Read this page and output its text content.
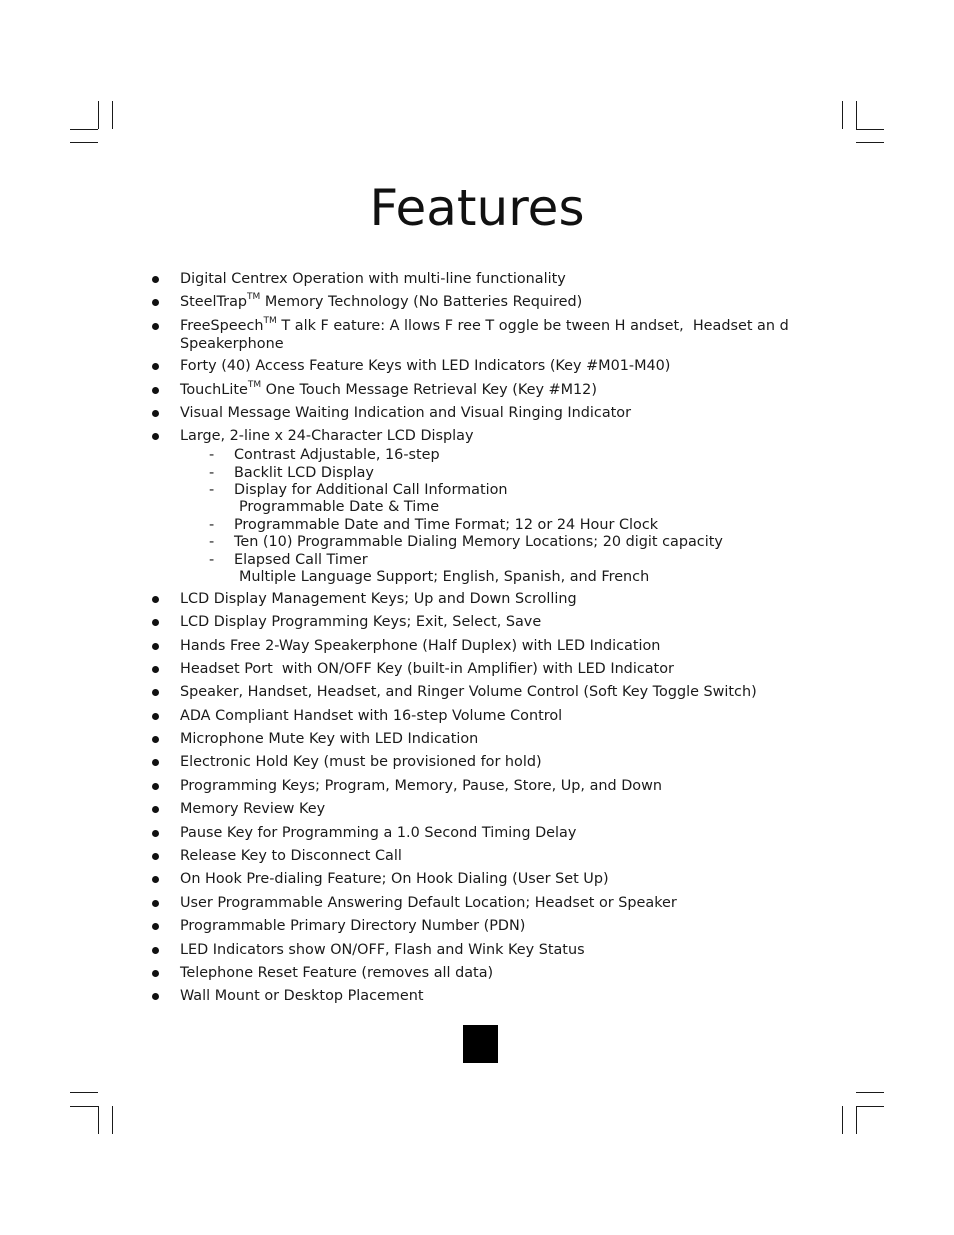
Features
Digital Centrex Operation with multi-line functionality
SteelTrap™ Memory Technology (No Batteries Required)
FreeSpeech™ T alk F eature: A llows F ree T oggle be tween H andset,  Headset an d
Speakerphone
Forty (40) Access Feature Keys with LED Indicators (Key #M01-M40)
TouchLite™ One Touch Message Retrieval Key (Key #M12)
Visual Message Waiting Indication and Visual Ringing Indicator
Large, 2-line x 24-Character LCD Display
- Contrast Adjustable, 16-step
- Backlit LCD Display
- Display for Additional Call Information
Programmable Date & Time
- Programmable Date and Time Format; 12 or 24 Hour Clock
- Ten (10) Programmable Dialing Memory Locations; 20 digit capacity
- Elapsed Call Timer
Multiple Language Support; English, Spanish, and French
LCD Display Management Keys; Up and Down Scrolling
LCD Display Programming Keys; Exit, Select, Save
Hands Free 2-Way Speakerphone (Half Duplex) with LED Indication
Headset Port  with ON/OFF Key (built-in Amplifier) with LED Indicator
Speaker, Handset, Headset, and Ringer Volume Control (Soft Key Toggle Switch)
ADA Compliant Handset with 16-step Volume Control
Microphone Mute Key with LED Indication
Electronic Hold Key (must be provisioned for hold)
Programming Keys; Program, Memory, Pause, Store, Up, and Down
Memory Review Key
Pause Key for Programming a 1.0 Second Timing Delay
Release Key to Disconnect Call
On Hook Pre-dialing Feature; On Hook Dialing (User Set Up)
User Programmable Answering Default Location; Headset or Speaker
Programmable Primary Directory Number (PDN)
LED Indicators show ON/OFF, Flash and Wink Key Status
Telephone Reset Feature (removes all data)
Wall Mount or Desktop Placement
